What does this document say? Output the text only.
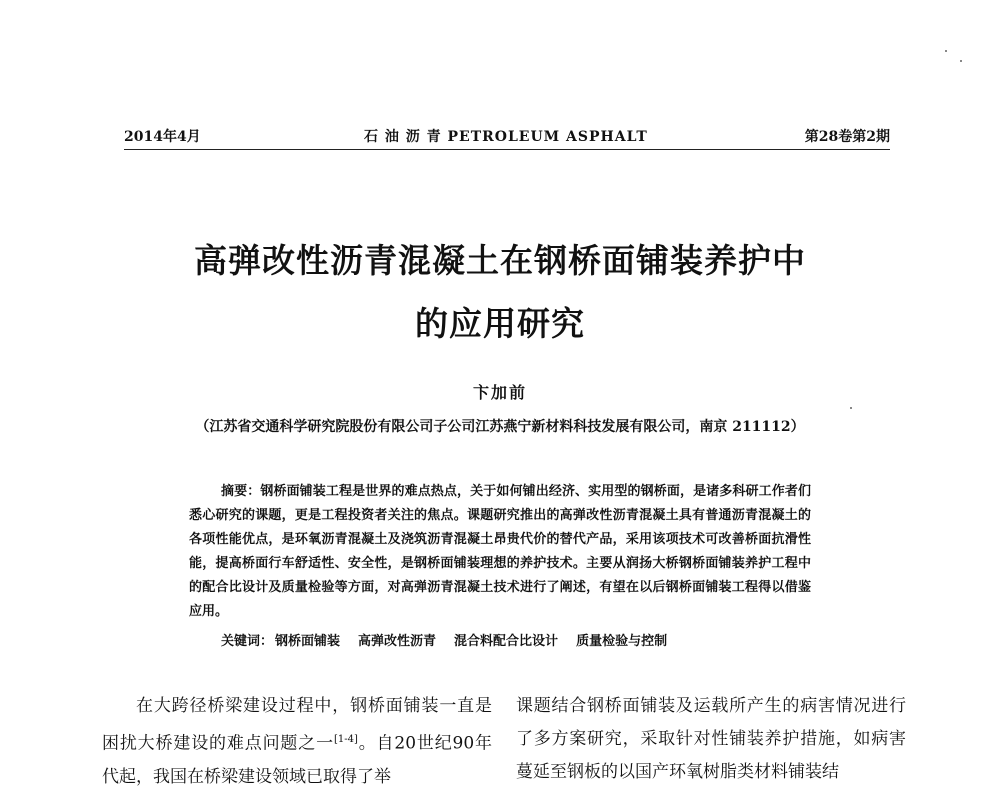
2014年4月	石 油 沥 青 PETROLEUM ASPHALT	第28卷第2期
高弹改性沥青混凝土在钢桥面铺装养护中
的应用研究
卞加前
（江苏省交通科学研究院股份有限公司子公司江苏燕宁新材料科技发展有限公司，南京 211112）
摘要：钢桥面铺装工程是世界的难点热点，关于如何铺出经济、实用型的钢桥面，是诸多科研工作者们悉心研究的课题，更是工程投资者关注的焦点。课题研究推出的高弹改性沥青混凝土具有普通沥青混凝土的各项性能优点，是环氧沥青混凝土及浇筑沥青混凝土昂贵代价的替代产品，采用该项技术可改善桥面抗滑性能，提高桥面行车舒适性、安全性，是钢桥面铺装理想的养护技术。主要从润扬大桥钢桥面铺装养护工程中的配合比设计及质量检验等方面，对高弹沥青混凝土技术进行了阐述，有望在以后钢桥面铺装工程得以借鉴应用。
关键词： 钢桥面铺装 高弹改性沥青 混合料配合比设计 质量检验与控制

在大跨径桥梁建设过程中，钢桥面铺装一直是困扰大桥建设的难点问题之一[1-4]。自20世纪90年代起，我国在桥梁建设领域已取得了举

课题结合钢桥面铺装及运载所产生的病害情况进行了多方案研究，采取针对性铺装养护措施，如病害蔓延至钢板的以国产环氧树脂类材料铺装结
